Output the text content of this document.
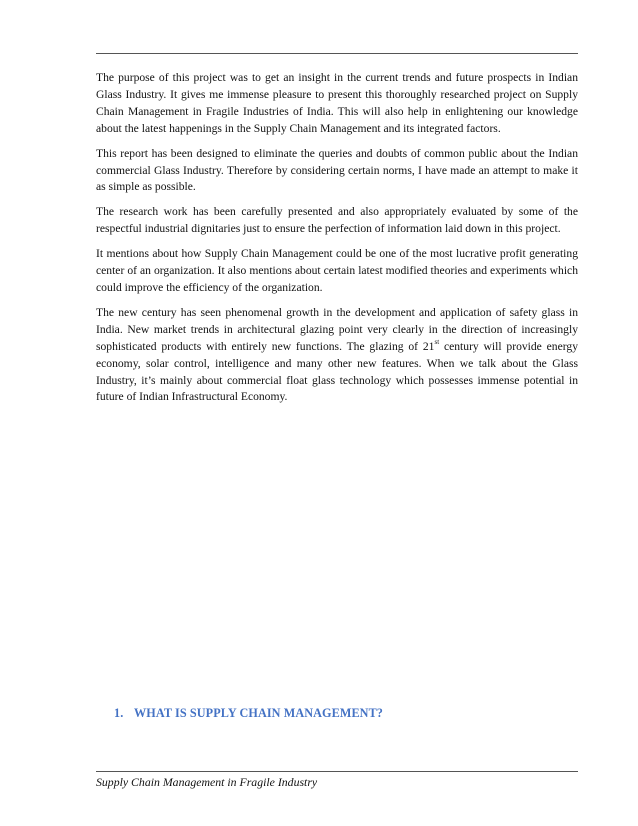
The purpose of this project was to get an insight in the current trends and future prospects in Indian Glass Industry. It gives me immense pleasure to present this thoroughly researched project on Supply Chain Management in Fragile Industries of India. This will also help in enlightening our knowledge about the latest happenings in the Supply Chain Management and its integrated factors.

This report has been designed to eliminate the queries and doubts of common public about the Indian commercial Glass Industry. Therefore by considering certain norms, I have made an attempt to make it as simple as possible.

The research work has been carefully presented and also appropriately evaluated by some of the respectful industrial dignitaries just to ensure the perfection of information laid down in this project.

It mentions about how Supply Chain Management could be one of the most lucrative profit generating center of an organization. It also mentions about certain latest modified theories and experiments which could improve the efficiency of the organization.

The new century has seen phenomenal growth in the development and application of safety glass in India. New market trends in architectural glazing point very clearly in the direction of increasingly sophisticated products with entirely new functions. The glazing of 21st century will provide energy economy, solar control, intelligence and many other new features. When we talk about the Glass Industry, it’s mainly about commercial float glass technology which possesses immense potential in future of Indian Infrastructural Economy.

1. WHAT IS SUPPLY CHAIN MANAGEMENT?
Supply Chain Management in Fragile Industry
